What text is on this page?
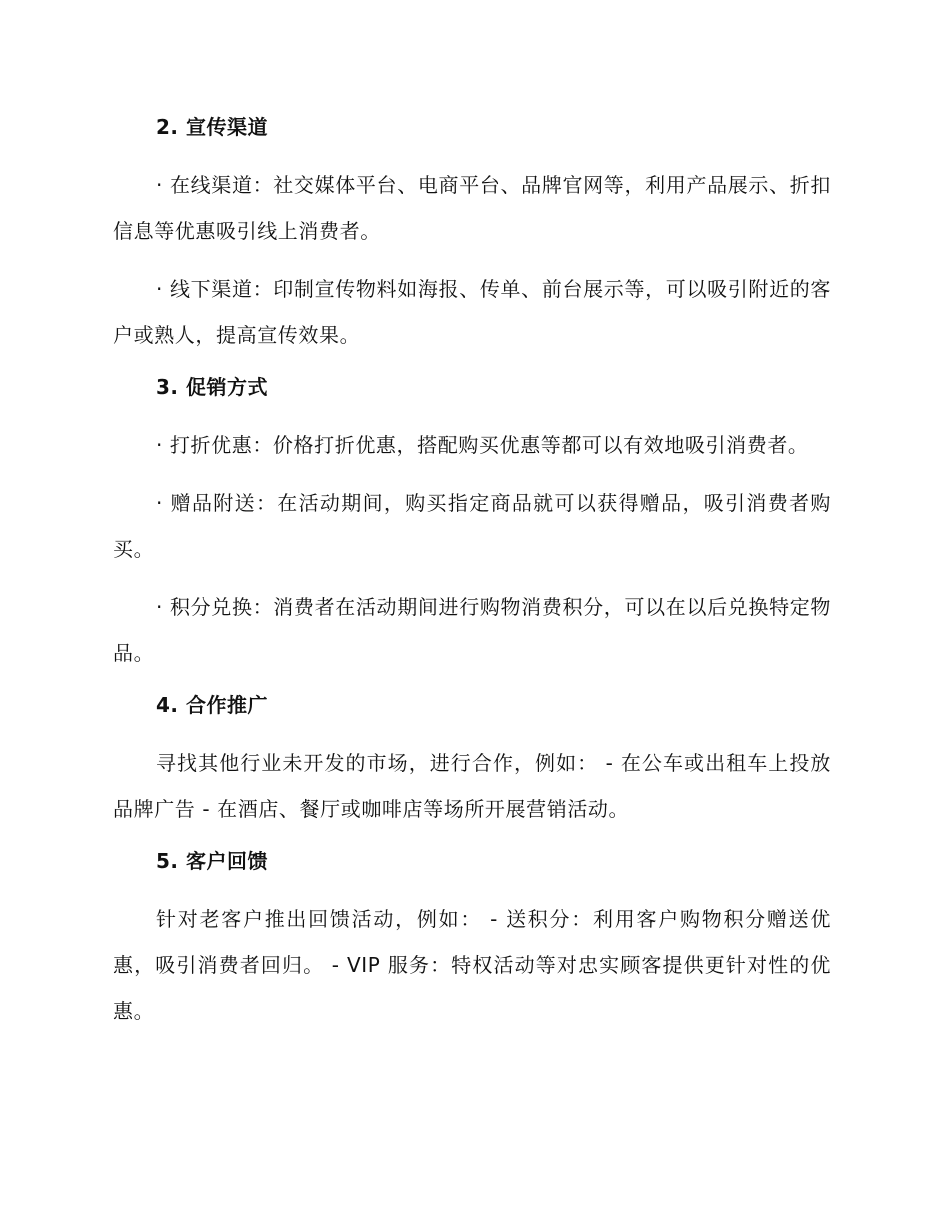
2. 宣传渠道

· 在线渠道：社交媒体平台、电商平台、品牌官网等，利用产品展示、折扣信息等优惠吸引线上消费者。

· 线下渠道：印制宣传物料如海报、传单、前台展示等，可以吸引附近的客户或熟人，提高宣传效果。

3. 促销方式

· 打折优惠：价格打折优惠，搭配购买优惠等都可以有效地吸引消费者。

· 赠品附送：在活动期间，购买指定商品就可以获得赠品，吸引消费者购买。

· 积分兑换：消费者在活动期间进行购物消费积分，可以在以后兑换特定物品。

4. 合作推广

寻找其他行业未开发的市场，进行合作，例如： - 在公车或出租车上投放品牌广告 - 在酒店、餐厅或咖啡店等场所开展营销活动。

5. 客户回馈

针对老客户推出回馈活动，例如： - 送积分：利用客户购物积分赠送优惠，吸引消费者回归。 - VIP 服务：特权活动等对忠实顾客提供更针对性的优惠。
